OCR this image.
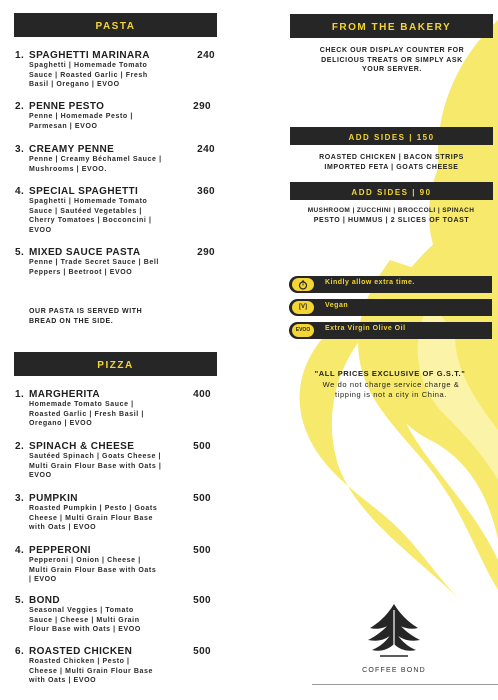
PASTA
1. SPAGHETTI MARINARA	240
Spaghetti | Homemade Tomato Sauce | Roasted Garlic | Fresh Basil | Oregano | EVOO
2. PENNE PESTO	290
Penne | Homemade Pesto | Parmesan | EVOO
3. CREAMY PENNE	240
Penne | Creamy Béchamel Sauce | Mushrooms | EVOO.
4. SPECIAL SPAGHETTI	360
Spaghetti | Homemade Tomato Sauce | Sautéed Vegetables | Cherry Tomatoes | Bocconcini | EVOO
5. MIXED SAUCE PASTA	290
Penne | Trade Secret Sauce | Bell Peppers | Beetroot | EVOO
OUR PASTA IS SERVED WITH BREAD ON THE SIDE.
PIZZA
1. MARGHERITA	400
Homemade Tomato Sauce | Roasted Garlic | Fresh Basil | Oregano | EVOO
2. SPINACH & CHEESE	500
Sautéed Spinach | Goats Cheese | Multi Grain Flour Base with Oats | EVOO
3. PUMPKIN	500
Roasted Pumpkin | Pesto | Goats Cheese | Multi Grain Flour Base with Oats | EVOO
4. PEPPERONI	500
Pepperoni | Onion | Cheese | Multi Grain Flour Base with Oats | EVOO
5. BOND	500
Seasonal Veggies | Tomato Sauce | Cheese | Multi Grain Flour Base with Oats | EVOO
6. ROASTED CHICKEN	500
Roasted Chicken | Pesto | Cheese | Multi Grain Flour Base with Oats | EVOO
FROM THE BAKERY
CHECK OUR DISPLAY COUNTER FOR DELICIOUS TREATS OR SIMPLY ASK YOUR SERVER.
ADD SIDES | 150
ROASTED CHICKEN | BACON STRIPS
IMPORTED FETA | GOATS CHEESE
ADD SIDES | 90
MUSHROOM | ZUCCHINI | BROCCOLI | SPINACH
PESTO | HUMMUS | 2 SLICES OF TOAST
Kindly allow extra time.
[V]	Vegan
EVOO	Extra Virgin Olive Oil
"ALL PRICES EXCLUSIVE OF G.S.T."
We do not charge service charge & tipping is not a city in China.
COFFEE BOND
